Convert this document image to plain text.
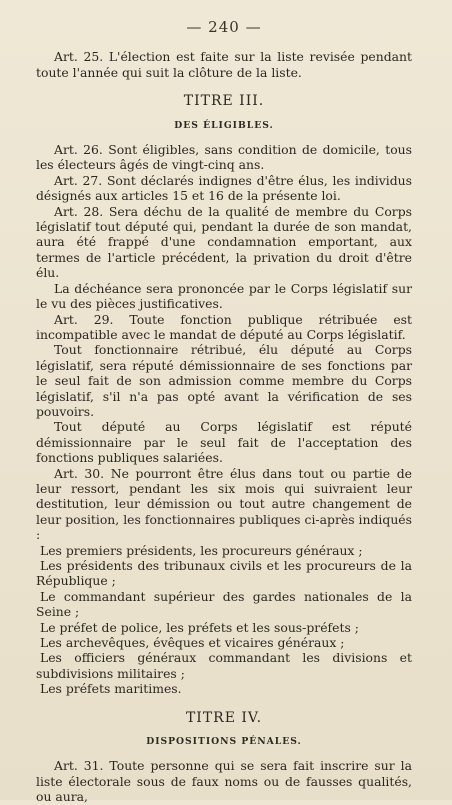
— 240 —

Art. 25. L'élection est faite sur la liste revisée pendant toute l'année qui suit la clôture de la liste.

TITRE III.
DES ÉLIGIBLES.

Art. 26. Sont éligibles, sans condition de domicile, tous les électeurs âgés de vingt-cinq ans.

Art. 27. Sont déclarés indignes d'être élus, les individus désignés aux articles 15 et 16 de la présente loi.

Art. 28. Sera déchu de la qualité de membre du Corps législatif tout député qui, pendant la durée de son mandat, aura été frappé d'une condamnation emportant, aux termes de l'article précédent, la privation du droit d'être élu.

La déchéance sera prononcée par le Corps législatif sur le vu des pièces justificatives.

Art. 29. Toute fonction publique rétribuée est incompatible avec le mandat de député au Corps législatif.

Tout fonctionnaire rétribué, élu député au Corps législatif, sera réputé démissionnaire de ses fonctions par le seul fait de son admission comme membre du Corps législatif, s'il n'a pas opté avant la vérification de ses pouvoirs.

Tout député au Corps législatif est réputé démissionnaire par le seul fait de l'acceptation des fonctions publiques salariées.

Art. 30. Ne pourront être élus dans tout ou partie de leur ressort, pendant les six mois qui suivraient leur destitution, leur démission ou tout autre changement de leur position, les fonctionnaires publiques ci-après indiqués :

Les premiers présidents, les procureurs généraux ;

Les présidents des tribunaux civils et les procureurs de la République ;

Le commandant supérieur des gardes nationales de la Seine ;

Le préfet de police, les préfets et les sous-préfets ;

Les archevêques, évêques et vicaires généraux ;

Les officiers généraux commandant les divisions et subdivisions militaires ;

Les préfets maritimes.

TITRE IV.
DISPOSITIONS PÉNALES.

Art. 31. Toute personne qui se sera fait inscrire sur la liste électorale sous de faux noms ou de fausses qualités, ou aura,
